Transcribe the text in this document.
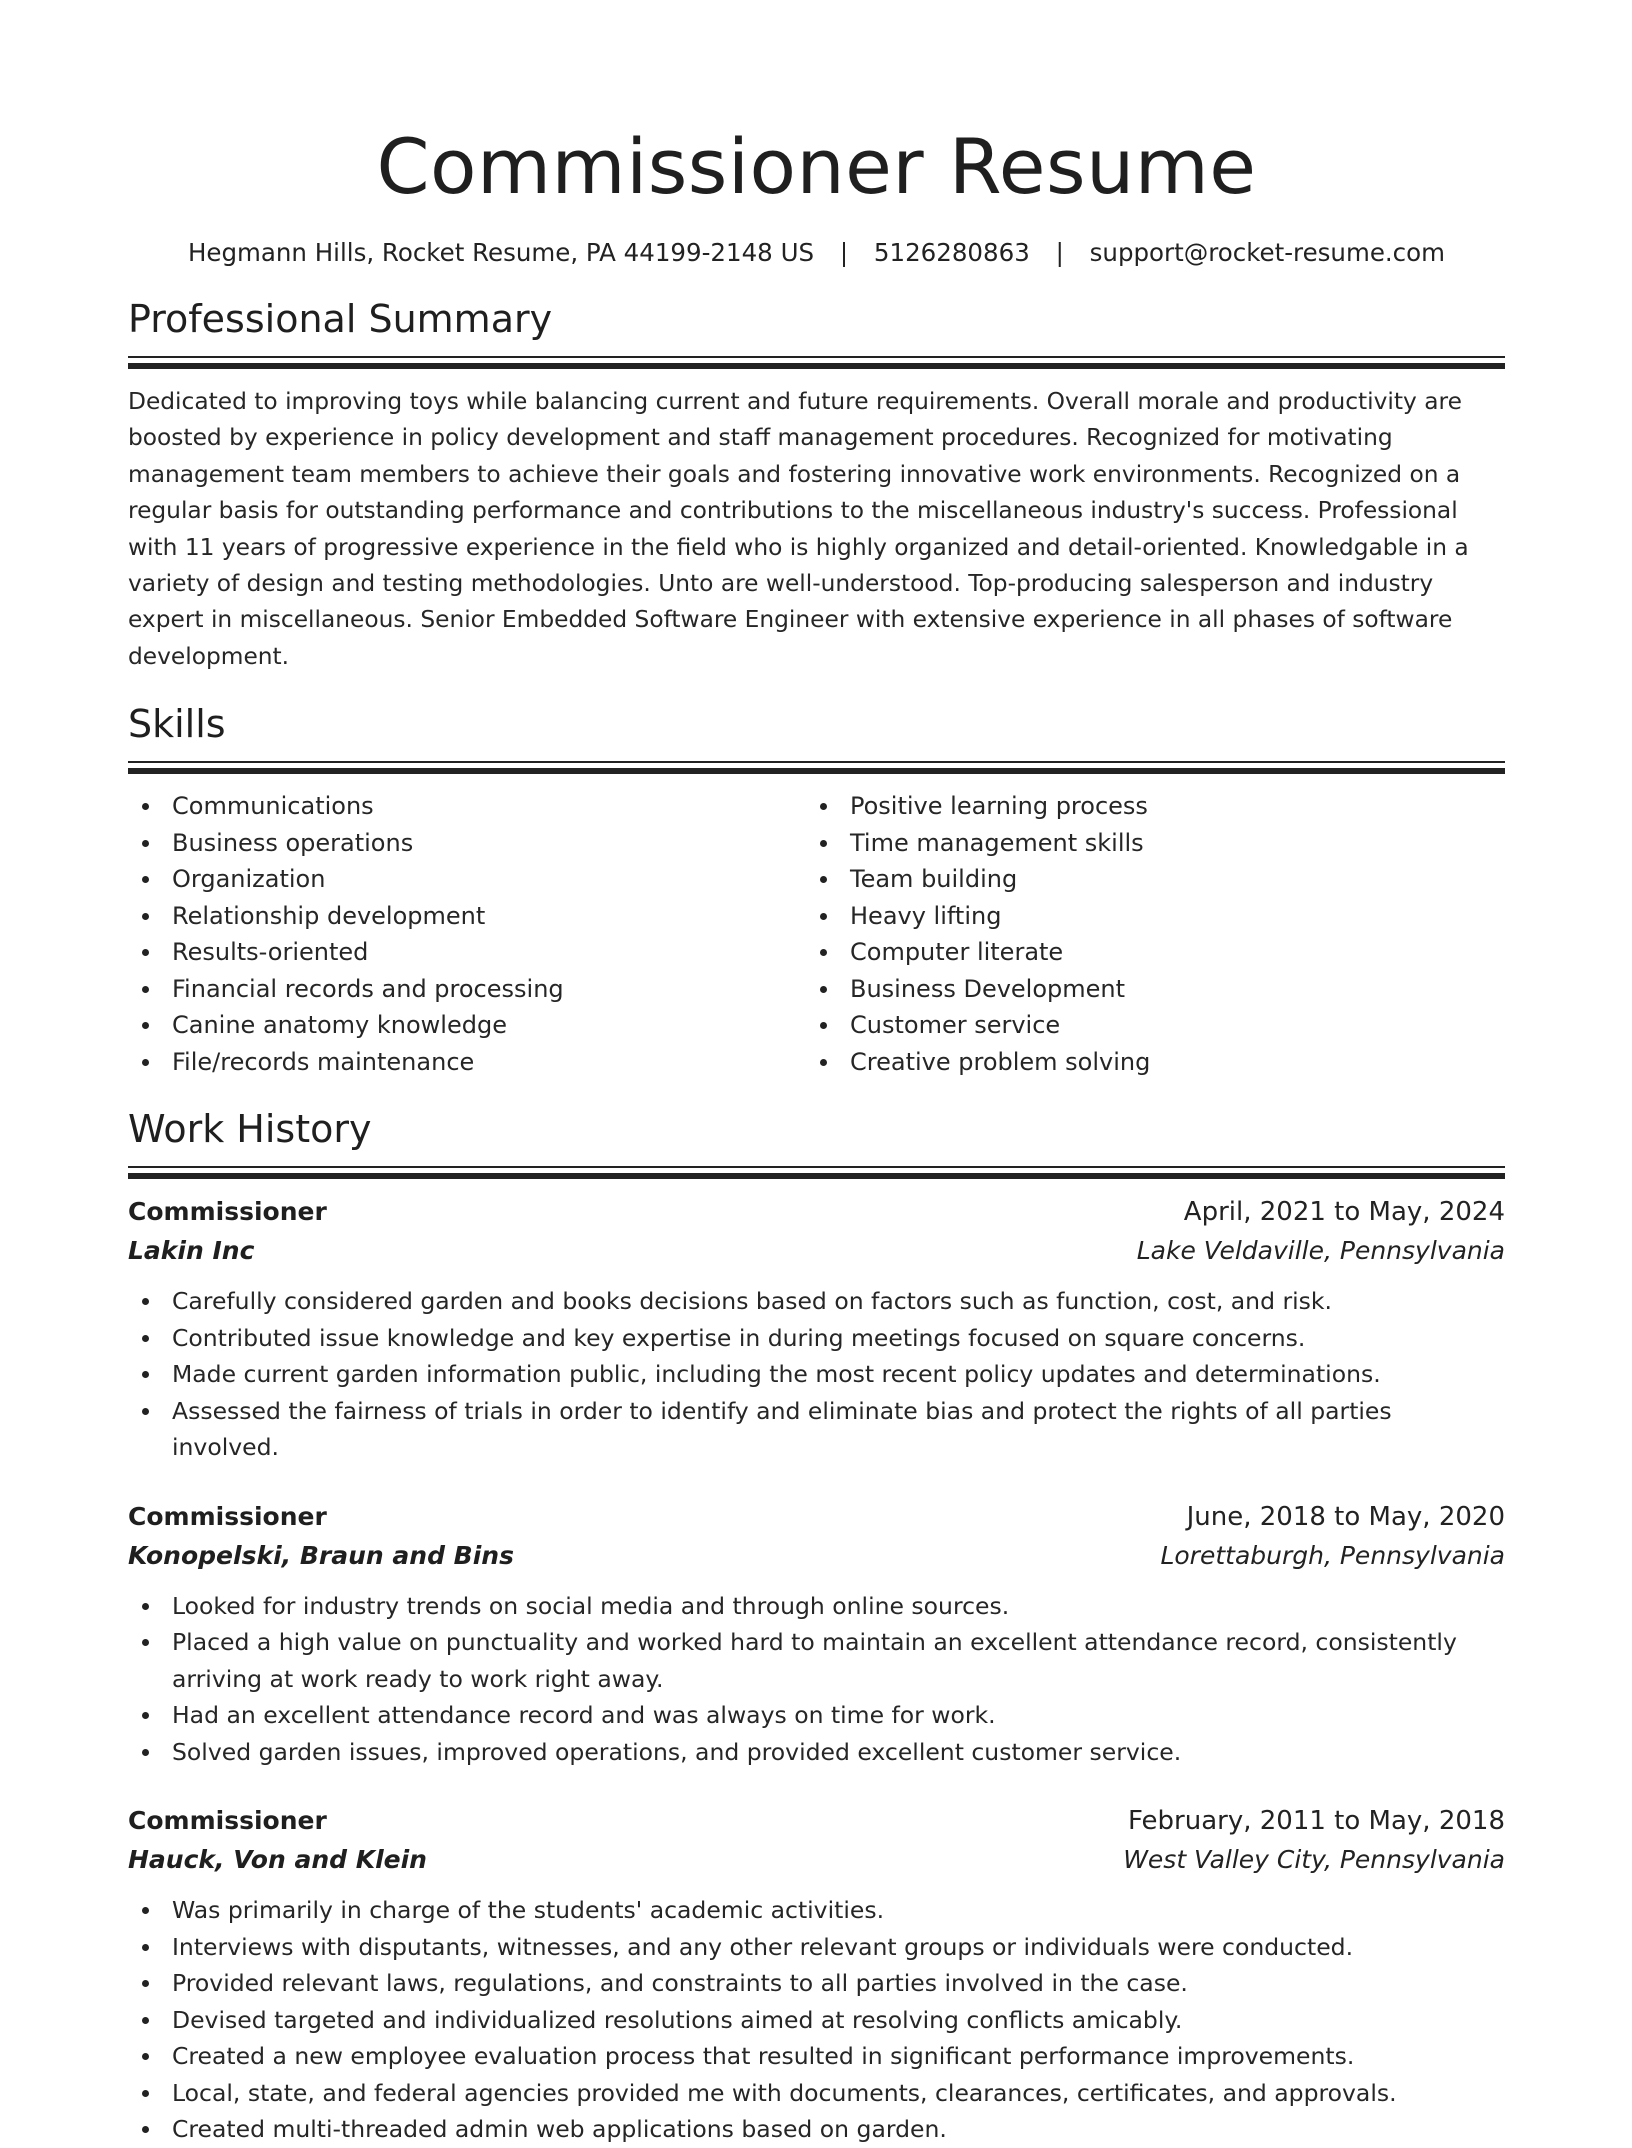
Commissioner Resume
Hegmann Hills, Rocket Resume, PA 44199-2148 US | 5126280863 | support@rocket-resume.com
Professional Summary

Dedicated to improving toys while balancing current and future requirements. Overall morale and productivity are boosted by experience in policy development and staff management procedures. Recognized for motivating management team members to achieve their goals and fostering innovative work environments. Recognized on a regular basis for outstanding performance and contributions to the miscellaneous industry's success. Professional with 11 years of progressive experience in the field who is highly organized and detail-oriented. Knowledgable in a variety of design and testing methodologies. Unto are well-understood. Top-producing salesperson and industry expert in miscellaneous. Senior Embedded Software Engineer with extensive experience in all phases of software development.

Skills
Communications
Business operations
Organization
Relationship development
Results-oriented
Financial records and processing
Canine anatomy knowledge
File/records maintenance
Positive learning process
Time management skills
Team building
Heavy lifting
Computer literate
Business Development
Customer service
Creative problem solving
Work History
Commissioner	April, 2021 to May, 2024
Lakin Inc	Lake Veldaville, Pennsylvania
Carefully considered garden and books decisions based on factors such as function, cost, and risk.
Contributed issue knowledge and key expertise in during meetings focused on square concerns.
Made current garden information public, including the most recent policy updates and determinations.
Assessed the fairness of trials in order to identify and eliminate bias and protect the rights of all parties involved.
Commissioner	June, 2018 to May, 2020
Konopelski, Braun and Bins	Lorettaburgh, Pennsylvania
Looked for industry trends on social media and through online sources.
Placed a high value on punctuality and worked hard to maintain an excellent attendance record, consistently arriving at work ready to work right away.
Had an excellent attendance record and was always on time for work.
Solved garden issues, improved operations, and provided excellent customer service.
Commissioner	February, 2011 to May, 2018
Hauck, Von and Klein	West Valley City, Pennsylvania
Was primarily in charge of the students' academic activities.
Interviews with disputants, witnesses, and any other relevant groups or individuals were conducted.
Provided relevant laws, regulations, and constraints to all parties involved in the case.
Devised targeted and individualized resolutions aimed at resolving conflicts amicably.
Created a new employee evaluation process that resulted in significant performance improvements.
Local, state, and federal agencies provided me with documents, clearances, certificates, and approvals.
Created multi-threaded admin web applications based on garden.
